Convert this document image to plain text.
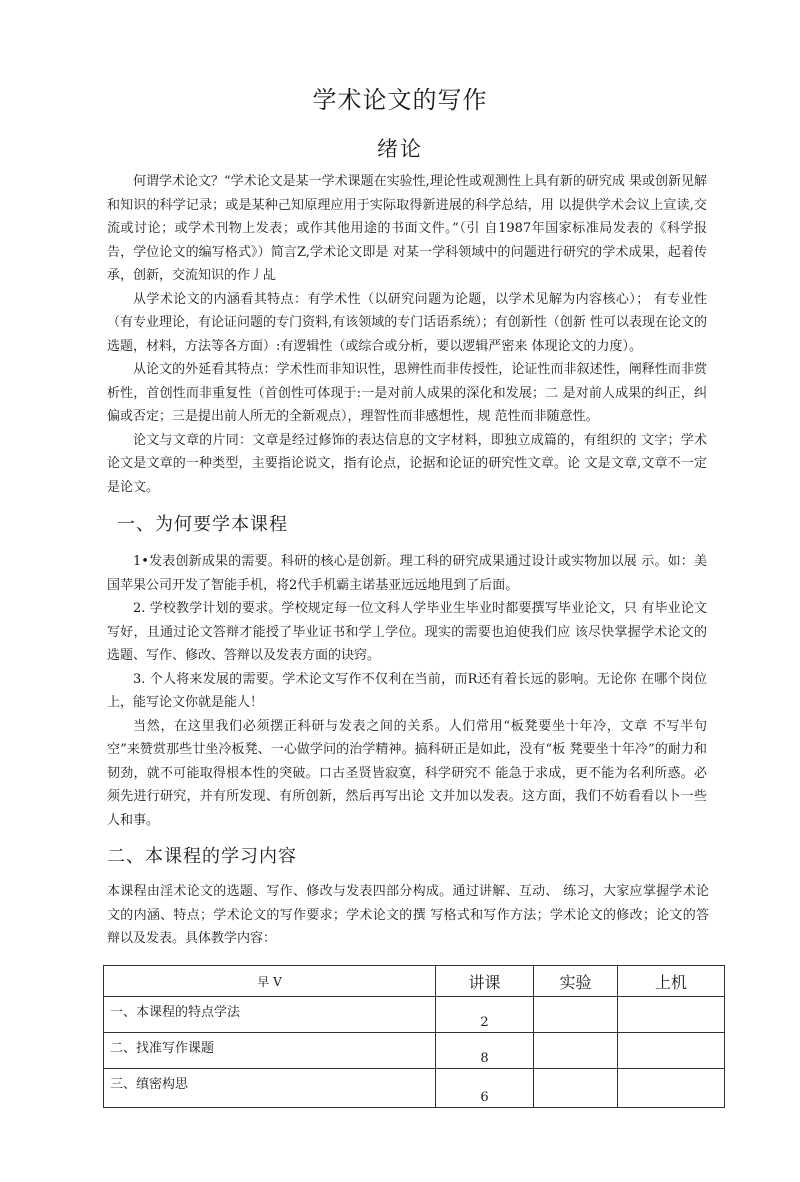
学术论文的写作
绪论

何谓学术论文？“学术论文是某一学术课题在实验性,理论性或观测性上具有新的研究成 果或创新见解和知识的科学记录；或是某种己知原理应用于实际取得新进展的科学总结，用 以提供学术会议上宣读,交流或讨论；或学术刊物上发表；或作其他用途的书面文件。”（引 自1987年国家标准局发表的《科学报告，学位论文的编写格式》）简言Z,学术论文即是 对某一学科领域中的问题进行研究的学术成果，起着传承，创新，交流知识的作丿乩

从学术论文的内涵看其特点：有学术性（以研究问题为论题，以学术见解为内容核心）； 有专业性（有专业理论，有论证问题的专门资料,有该领域的专门话语系统）；有创新性（创新 性可以表现在论文的选题，材料，方法等各方面）:有逻辑性（或综合或分析，要以逻辑严密来 体现论文的力度）。

从论文的外延看其特点：学术性而非知识性，思辨性而非传授性，论证性而非叙述性，阐释性而非赏析性，首创性而非重复性（首创性可体现于:一是对前人成果的深化和发展；二 是对前人成果的纠正，纠偏或否定；三是提出前人所无的全新观点），理智性而非感想性，规 范性而非随意性。

论文与文章的片同：文章是经过修饰的表达信息的文字材料，即独立成篇的，有组织的 文字；学术论文是文章的一种类型，主要指论说文，指有论点，论据和论证的研究性文章。论 文是文章,文章不一定是论文。

一、为何要学本课程

1•发表创新成果的需要。科研的核心是创新。理工科的研究成果通过设计或实物加以展 示。如：美国苹果公司开发了智能手机，将2代手机霸主诺基亚远远地甩到了后面。

2. 学校教学计划的要求。学校规定每一位文科人学毕业生毕业时都要撰写毕业论文，只 有毕业论文写好，且通过论文答辩才能授了毕业证书和学丄学位。现实的需要也迫使我们应 该尽快掌握学术论文的选题、写作、修改、答辩以及发表方面的诀窍。

3. 个人将来发展的需要。学术论文写作不仅利在当前，而R还有着长远的影响。无论你 在哪个岗位上，能写论文你就是能人！

当然，在这里我们必须摆正科研与发表之间的关系。人们常用“板凳要坐十年冷，文章 不写半句空”来赞赏那些廿坐冷板凳、一心做学问的治学精神。搞科研正是如此，没有“板 凳要坐十年冷”的耐力和韧劲，就不可能取得根本性的突破。口古圣贤皆寂寞，科学研究不 能急于求成，更不能为名利所惑。必须先进行研究，并有所发现、有所创新，然后再写出论 文并加以发表。这方面，我们不妨看看以卜一些人和事。

二、本课程的学习内容

本课程由淫术论文的选题、写作、修改与发表四部分构成。通过讲解、互动、 练习，大家应掌握学术论文的内涵、特点；学术论文的写作要求；学术论文的撰 写格式和写作方法；学术论文的修改；论文的答辩以及发表。具体教学内容：

早 V	讲课	实验	上机
一、本课程的特点学法	2		
二、找准写作课题	8		
三、缜密构思	6		
